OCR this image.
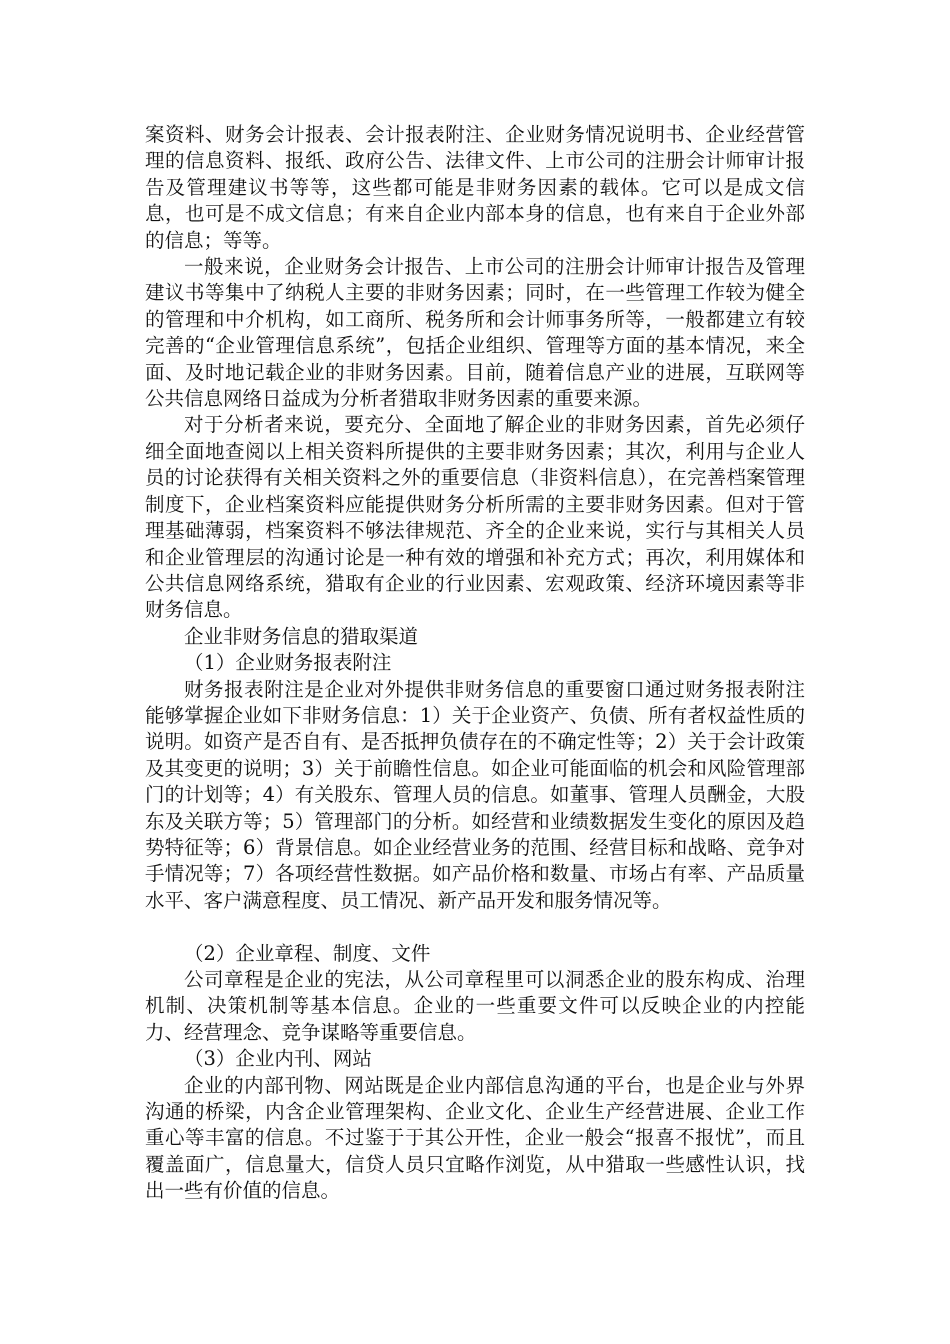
案资料、财务会计报表、会计报表附注、企业财务情况说明书、企业经营管理的信息资料、报纸、政府公告、法律文件、上市公司的注册会计师审计报告及管理建议书等等，这些都可能是非财务因素的载体。它可以是成文信息，也可是不成文信息；有来自企业内部本身的信息，也有来自于企业外部的信息；等等。

一般来说，企业财务会计报告、上市公司的注册会计师审计报告及管理建议书等集中了纳税人主要的非财务因素；同时，在一些管理工作较为健全的管理和中介机构，如工商所、税务所和会计师事务所等，一般都建立有较完善的“企业管理信息系统”，包括企业组织、管理等方面的基本情况，来全面、及时地记载企业的非财务因素。目前，随着信息产业的进展，互联网等公共信息网络日益成为分析者猎取非财务因素的重要来源。

对于分析者来说，要充分、全面地了解企业的非财务因素，首先必须仔细全面地查阅以上相关资料所提供的主要非财务因素；其次，利用与企业人员的讨论获得有关相关资料之外的重要信息（非资料信息），在完善档案管理制度下，企业档案资料应能提供财务分析所需的主要非财务因素。但对于管理基础薄弱，档案资料不够法律规范、齐全的企业来说，实行与其相关人员和企业管理层的沟通讨论是一种有效的增强和补充方式；再次，利用媒体和公共信息网络系统，猎取有企业的行业因素、宏观政策、经济环境因素等非财务信息。

企业非财务信息的猎取渠道

（1）企业财务报表附注

财务报表附注是企业对外提供非财务信息的重要窗口通过财务报表附注能够掌握企业如下非财务信息：1）关于企业资产、负债、所有者权益性质的说明。如资产是否自有、是否抵押负债存在的不确定性等；2）关于会计政策及其变更的说明；3）关于前瞻性信息。如企业可能面临的机会和风险管理部门的计划等；4）有关股东、管理人员的信息。如董事、管理人员酬金，大股东及关联方等；5）管理部门的分析。如经营和业绩数据发生变化的原因及趋势特征等；6）背景信息。如企业经营业务的范围、经营目标和战略、竞争对手情况等；7）各项经营性数据。如产品价格和数量、市场占有率、产品质量水平、客户满意程度、员工情况、新产品开发和服务情况等。

（2）企业章程、制度、文件

公司章程是企业的宪法，从公司章程里可以洞悉企业的股东构成、治理机制、决策机制等基本信息。企业的一些重要文件可以反映企业的内控能力、经营理念、竞争谋略等重要信息。

（3）企业内刊、网站

企业的内部刊物、网站既是企业内部信息沟通的平台，也是企业与外界沟通的桥梁，内含企业管理架构、企业文化、企业生产经营进展、企业工作重心等丰富的信息。不过鉴于于其公开性，企业一般会“报喜不报忧”，而且覆盖面广，信息量大，信贷人员只宜略作浏览，从中猎取一些感性认识，找出一些有价值的信息。
